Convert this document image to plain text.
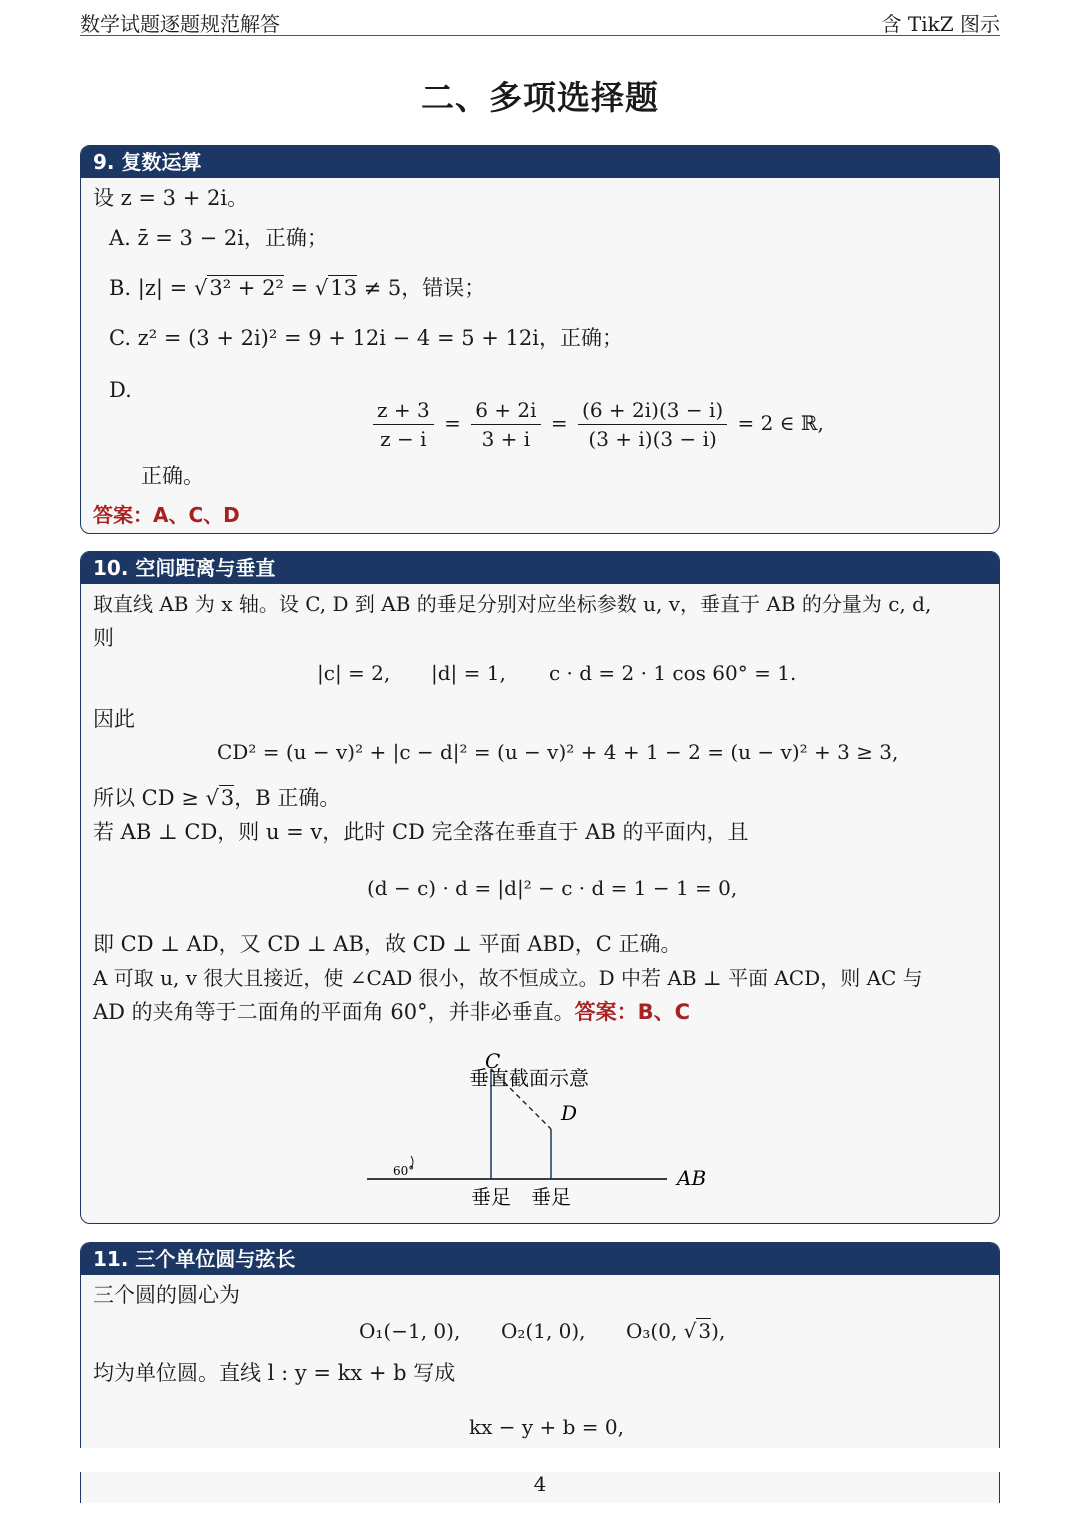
数学试题逐题规范解答	含 TikZ 图示
二、多项选择题
9. 复数运算
设 z = 3 + 2i。
A. z̄ = 3 − 2i，正确；
B. |z| = √3² + 2² = √13 ≠ 5，错误；
C. z² = (3 + 2i)² = 9 + 12i − 4 = 5 + 12i，正确；
D.
$\frac{z + 3}{z - i} = \frac{6 + 2i}{3 + i} = \frac{(6 + 2i)(3 - i)}{(3 + i)(3 - i)} = 2$ ∈ ℝ,
正确。
答案：A、C、D
10. 空间距离与垂直
取直线 AB 为 x 轴。设 C, D 到 AB 的垂足分别对应坐标参数 u, v，垂直于 AB 的分量为 c, d,
则
|c| = 2, |d| = 1, c · d = 2 · 1 cos 60° = 1.
因此
CD² = (u − v)² + |c − d|² = (u − v)² + 4 + 1 − 2 = (u − v)² + 3 ≥ 3,
所以 CD ≥ √3，B 正确。
若 AB ⊥ CD，则 u = v，此时 CD 完全落在垂直于 AB 的平面内，且
(d − c) · d = |d|² − c · d = 1 − 1 = 0,
即 CD ⊥ AD，又 CD ⊥ AB，故 CD ⊥ 平面 ABD，C 正确。
A 可取 u, v 很大且接近，使 ∠CAD 很小，故不恒成立。D 中若 AB ⊥ 平面 ACD，则 AC 与
AD 的夹角等于二面角的平面角 60°，并非必垂直。答案：B、C
60°
C
垂直截面示意
D
AB
垂足 垂足
11. 三个单位圆与弦长
三个圆的圆心为
O₁(−1, 0), O₂(1, 0), O₃(0, √ 3),
均为单位圆。直线 l : y = kx + b 写成
kx − y + b = 0,
4
